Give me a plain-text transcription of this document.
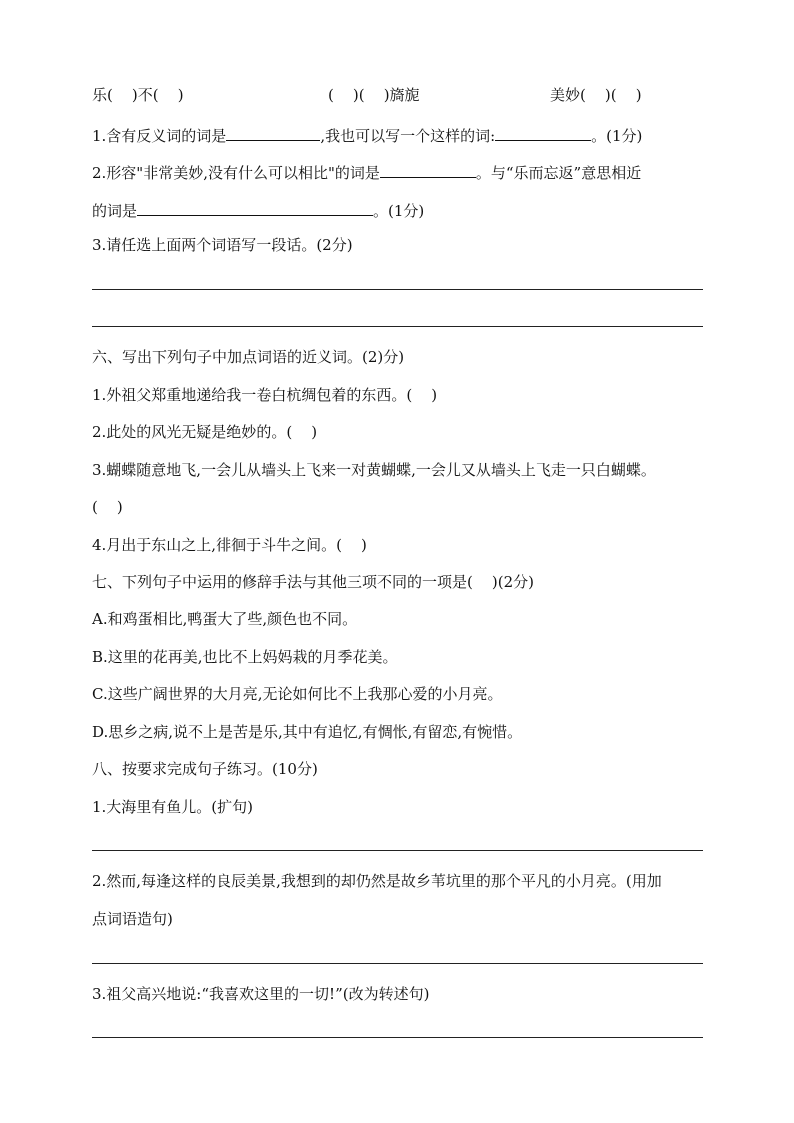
乐(    )不(    )	(    )(    )旖旎	美妙(    )(    )
1.含有反义词的词是	,我也可以写一个这样的词:	。(1分)
2.形容"非常美妙,没有什么可以相比"的词是	。与“乐而忘返”意思相近
的词是	。(1分)
3.请任选上面两个词语写一段话。(2分)
六、写出下列句子中加点词语的近义词。(2)分)
1.外祖父郑重地递给我一卷白杭绸包着的东西。(    )
2.此处的风光无疑是绝妙的。(    )
3.蝴蝶随意地飞,一会儿从墙头上飞来一对黄蝴蝶,一会儿又从墙头上飞走一只白蝴蝶。
(    )
4.月出于东山之上,徘徊于斗牛之间。(    )
七、下列句子中运用的修辞手法与其他三项不同的一项是(    )(2分)
A.和鸡蛋相比,鸭蛋大了些,颜色也不同。
B.这里的花再美,也比不上妈妈栽的月季花美。
C.这些广阔世界的大月亮,无论如何比不上我那心爱的小月亮。
D.思乡之病,说不上是苦是乐,其中有追忆,有惆怅,有留恋,有惋惜。
八、按要求完成句子练习。(10分)
1.大海里有鱼儿。(扩句)
2.然而,每逢这样的良辰美景,我想到的却仍然是故乡苇坑里的那个平凡的小月亮。(用加
点词语造句)
3.祖父高兴地说:“我喜欢这里的一切!”(改为转述句)
